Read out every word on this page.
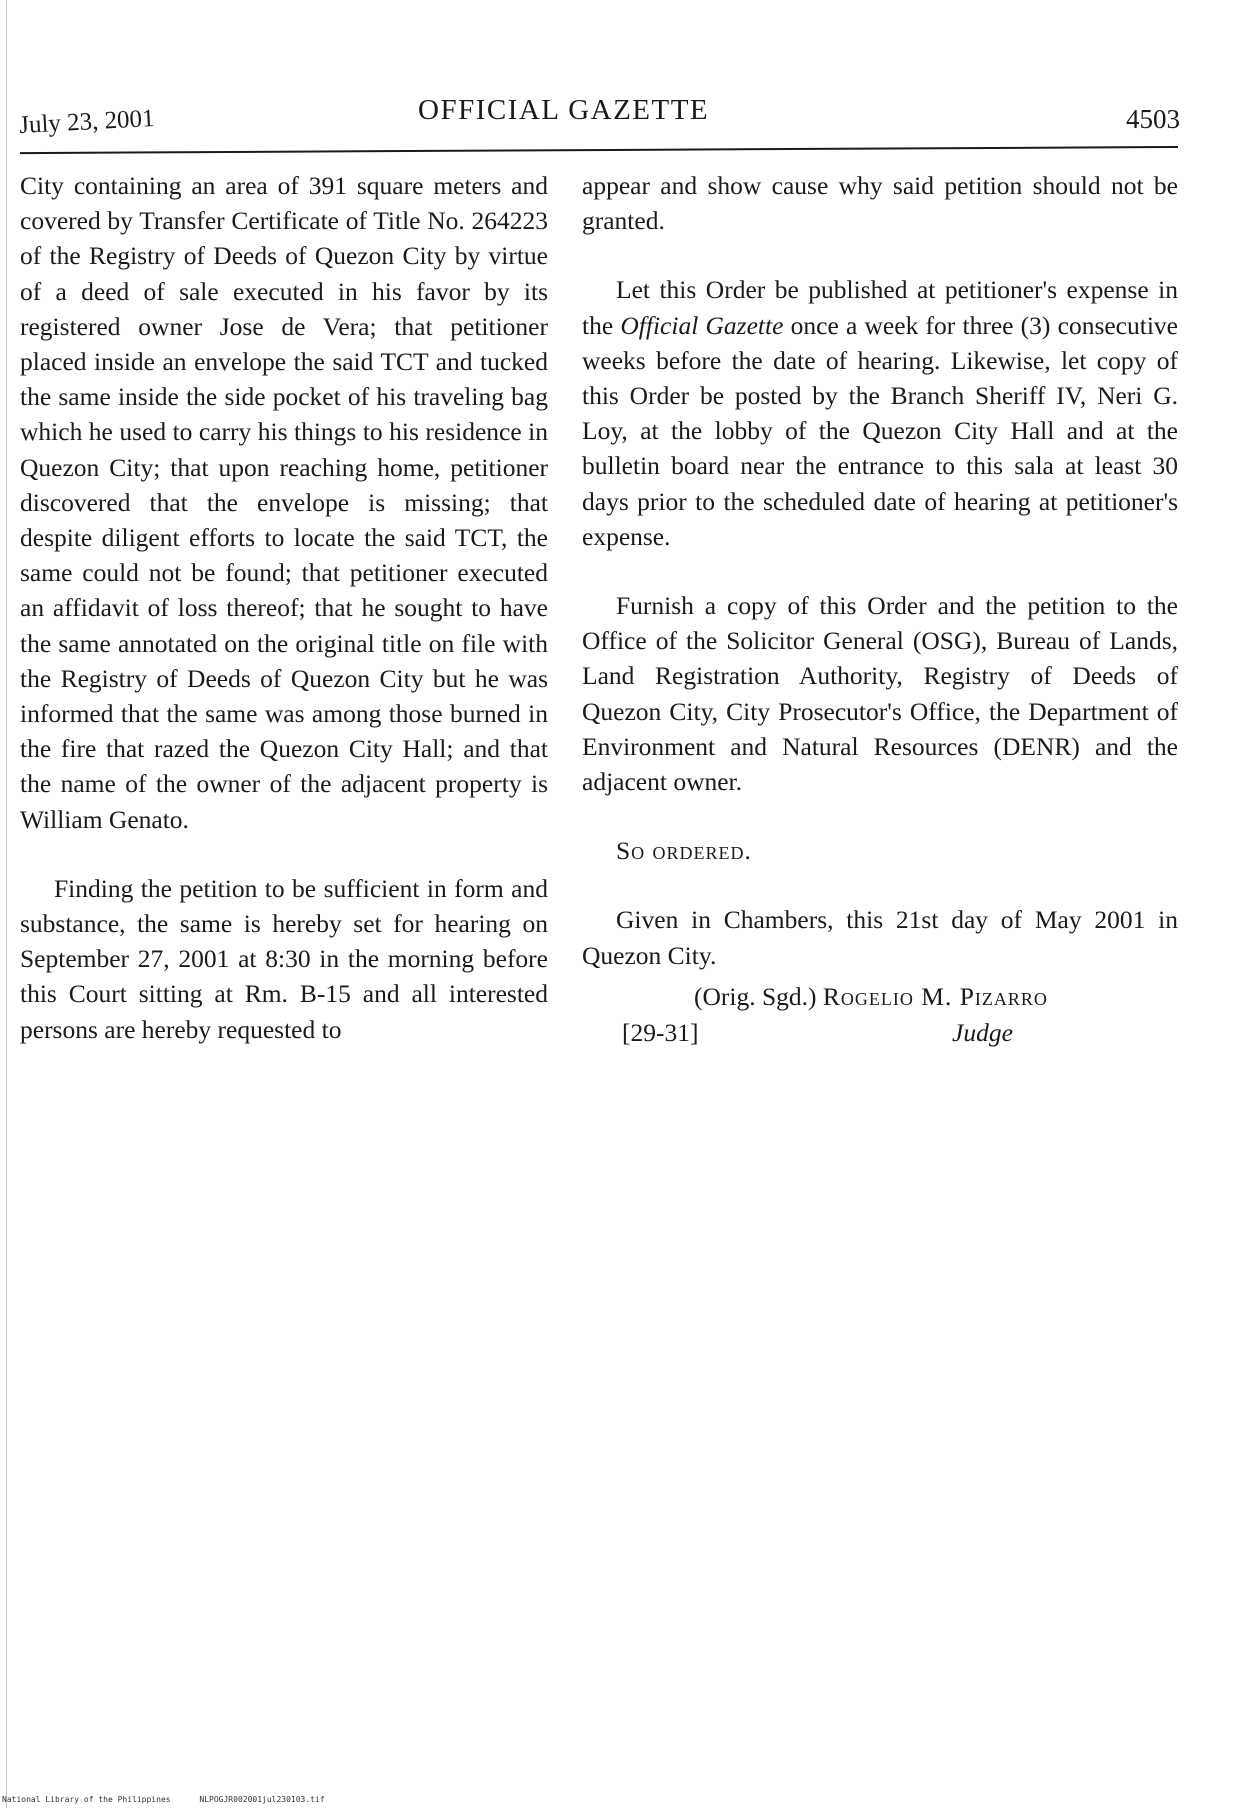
July 23, 2001	OFFICIAL GAZETTE	4503

City containing an area of 391 square meters and covered by Transfer Certificate of Title No. 264223 of the Registry of Deeds of Quezon City by virtue of a deed of sale executed in his favor by its registered owner Jose de Vera; that petitioner placed inside an envelope the said TCT and tucked the same inside the side pocket of his traveling bag which he used to carry his things to his residence in Quezon City; that upon reaching home, petitioner discovered that the envelope is missing; that despite diligent efforts to locate the said TCT, the same could not be found; that petitioner executed an affidavit of loss thereof; that he sought to have the same annotated on the original title on file with the Registry of Deeds of Quezon City but he was informed that the same was among those burned in the fire that razed the Quezon City Hall; and that the name of the owner of the adjacent property is William Genato.

Finding the petition to be sufficient in form and substance, the same is hereby set for hearing on September 27, 2001 at 8:30 in the morning before this Court sitting at Rm. B-15 and all interested persons are hereby requested to

appear and show cause why said petition should not be granted.

Let this Order be published at petitioner's expense in the Official Gazette once a week for three (3) consecutive weeks before the date of hearing. Likewise, let copy of this Order be posted by the Branch Sheriff IV, Neri G. Loy, at the lobby of the Quezon City Hall and at the bulletin board near the entrance to this sala at least 30 days prior to the scheduled date of hearing at petitioner's expense.

Furnish a copy of this Order and the petition to the Office of the Solicitor General (OSG), Bureau of Lands, Land Registration Authority, Registry of Deeds of Quezon City, City Prosecutor's Office, the Department of Environment and Natural Resources (DENR) and the adjacent owner.

So ordered.

Given in Chambers, this 21st day of May 2001 in Quezon City.

(Orig. Sgd.) Rogelio M. Pizarro
[29-31]	Judge
National Library of the Philippines	NLPOGJR002001jul230103.tif
